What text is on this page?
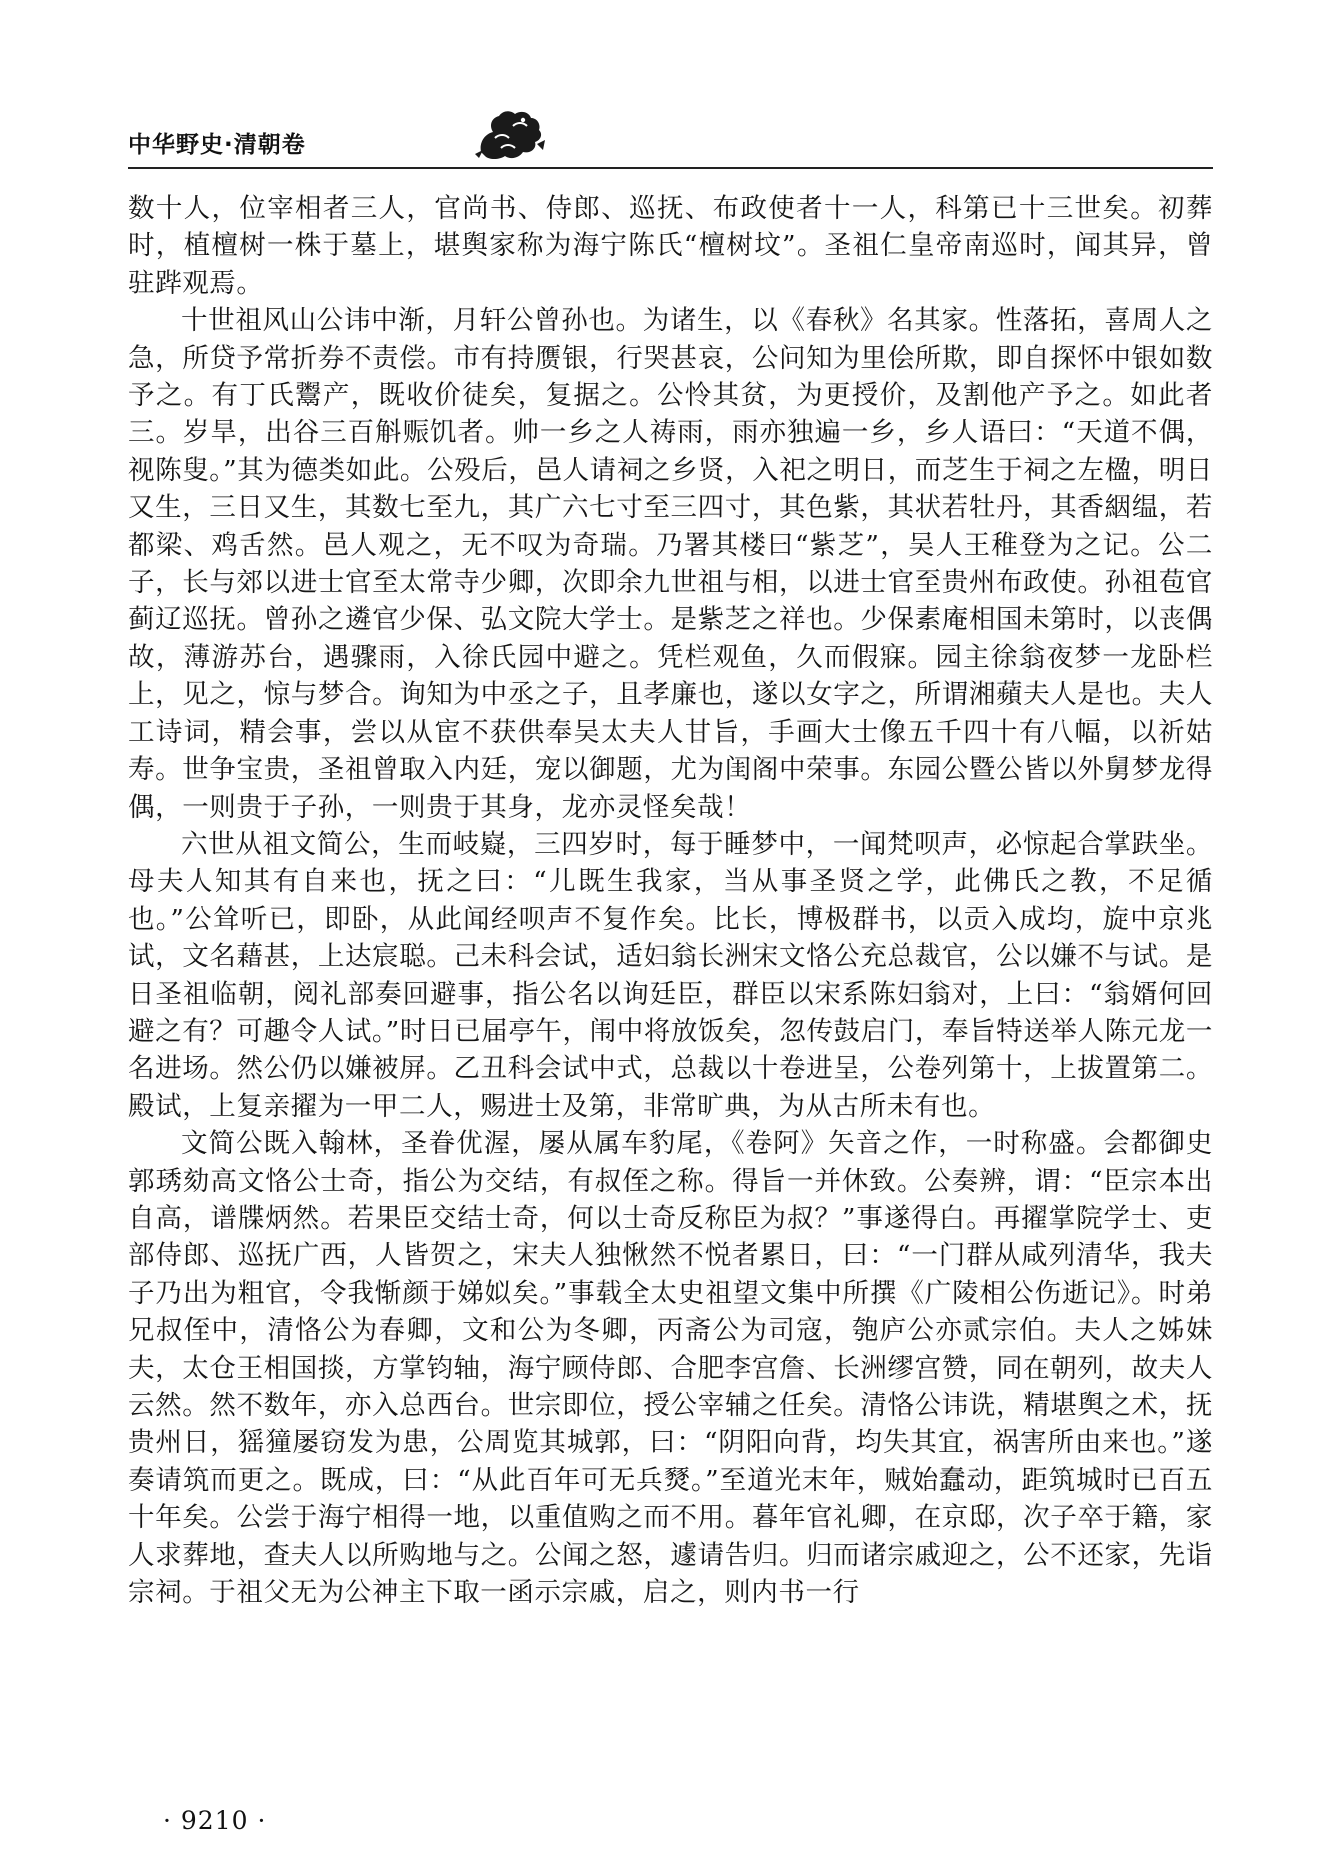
中华野史·清朝卷

数十人，位宰相者三人，官尚书、侍郎、巡抚、布政使者十一人，科第已十三世矣。初葬时，植檀树一株于墓上，堪舆家称为海宁陈氏“檀树坟”。圣祖仁皇帝南巡时，闻其异，曾驻跸观焉。

十世祖风山公讳中渐，月轩公曾孙也。为诸生，以《春秋》名其家。性落拓，喜周人之急，所贷予常折券不责偿。市有持赝银，行哭甚哀，公问知为里侩所欺，即自探怀中银如数予之。有丁氏鬻产，既收价徒矣，复据之。公怜其贫，为更授价，及割他产予之。如此者三。岁旱，出谷三百斛赈饥者。帅一乡之人祷雨，雨亦独遍一乡，乡人语曰：“天道不偶，视陈叟。”其为德类如此。公殁后，邑人请祠之乡贤，入祀之明日，而芝生于祠之左楹，明日又生，三日又生，其数七至九，其广六七寸至三四寸，其色紫，其状若牡丹，其香絪缊，若都梁、鸡舌然。邑人观之，无不叹为奇瑞。乃署其楼曰“紫芝”，吴人王稚登为之记。公二子，长与郊以进士官至太常寺少卿，次即余九世祖与相，以进士官至贵州布政使。孙祖苞官蓟辽巡抚。曾孙之遴官少保、弘文院大学士。是紫芝之祥也。少保素庵相国未第时，以丧偶故，薄游苏台，遇骤雨，入徐氏园中避之。凭栏观鱼，久而假寐。园主徐翁夜梦一龙卧栏上，见之，惊与梦合。询知为中丞之子，且孝廉也，遂以女字之，所谓湘蘋夫人是也。夫人工诗词，精会事，尝以从宦不获供奉吴太夫人甘旨，手画大士像五千四十有八幅，以祈姑寿。世争宝贵，圣祖曾取入内廷，宠以御题，尤为闺阁中荣事。东园公暨公皆以外舅梦龙得偶，一则贵于子孙，一则贵于其身，龙亦灵怪矣哉！

六世从祖文简公，生而岐嶷，三四岁时，每于睡梦中，一闻梵呗声，必惊起合掌趺坐。母夫人知其有自来也，抚之曰：“儿既生我家，当从事圣贤之学，此佛氏之教，不足循也。”公耸听已，即卧，从此闻经呗声不复作矣。比长，博极群书，以贡入成均，旋中京兆试，文名藉甚，上达宸聪。己未科会试，适妇翁长洲宋文恪公充总裁官，公以嫌不与试。是日圣祖临朝，阅礼部奏回避事，指公名以询廷臣，群臣以宋系陈妇翁对，上曰：“翁婿何回避之有？可趣令人试。”时日已届亭午，闱中将放饭矣，忽传鼓启门，奉旨特送举人陈元龙一名进场。然公仍以嫌被屏。乙丑科会试中式，总裁以十卷进呈，公卷列第十，上拔置第二。殿试，上复亲擢为一甲二人，赐进士及第，非常旷典，为从古所未有也。

文简公既入翰林，圣眷优渥，屡从属车豹尾，《卷阿》矢音之作，一时称盛。会都御史郭琇劾高文恪公士奇，指公为交结，有叔侄之称。得旨一并休致。公奏辨，谓：“臣宗本出自高，谱牒炳然。若果臣交结士奇，何以士奇反称臣为叔？”事遂得白。再擢掌院学士、吏部侍郎、巡抚广西，人皆贺之，宋夫人独愀然不悦者累日，曰：“一门群从咸列清华，我夫子乃出为粗官，令我惭颜于娣姒矣。”事载全太史祖望文集中所撰《广陵相公伤逝记》。时弟兄叔侄中，清恪公为春卿，文和公为冬卿，丙斋公为司寇，匏庐公亦贰宗伯。夫人之姊妹夫，太仓王相国掞，方掌钧轴，海宁顾侍郎、合肥李宫詹、长洲缪宫赞，同在朝列，故夫人云然。然不数年，亦入总西台。世宗即位，授公宰辅之任矣。清恪公讳诜，精堪舆之术，抚贵州日，猺獞屡窃发为患，公周览其城郭，曰：“阴阳向背，均失其宜，祸害所由来也。”遂奏请筑而更之。既成，曰：“从此百年可无兵燹。”至道光末年，贼始蠢动，距筑城时已百五十年矣。公尝于海宁相得一地，以重值购之而不用。暮年官礼卿，在京邸，次子卒于籍，家人求葬地，查夫人以所购地与之。公闻之怒，遽请告归。归而诸宗戚迎之，公不还家，先诣宗祠。于祖父无为公神主下取一函示宗戚，启之，则内书一行

· 9210 ·
